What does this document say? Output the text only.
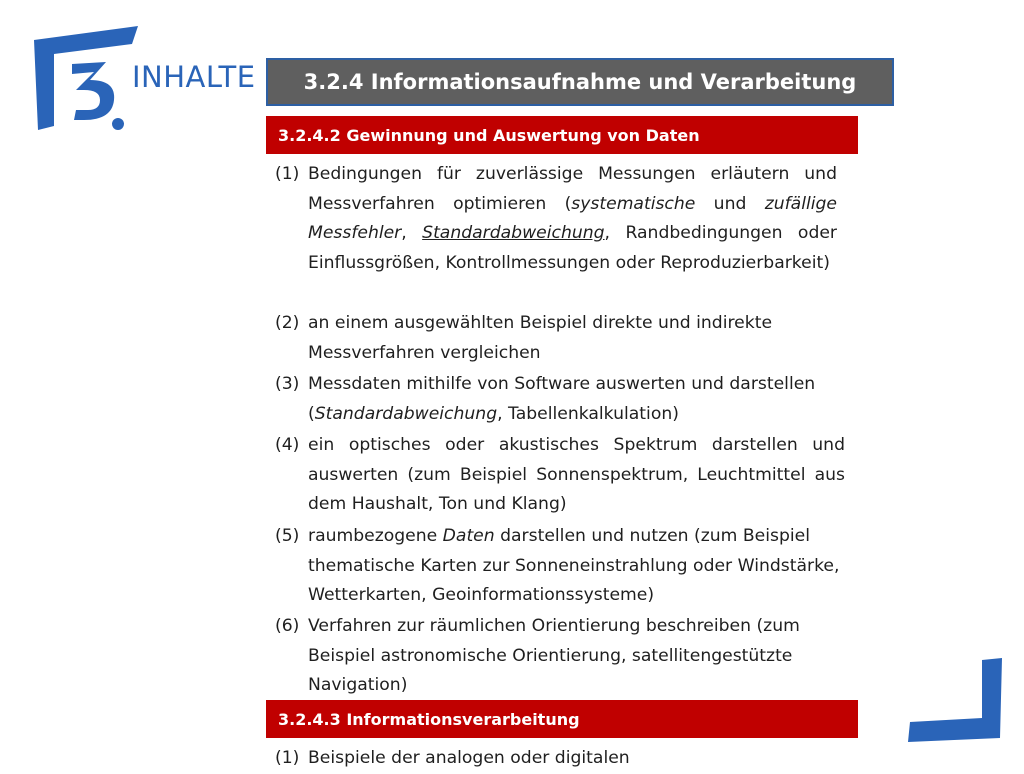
INHALTE 3.2.4 Informationsaufnahme und Verarbeitung
3.2.4.2 Gewinnung und Auswertung von Daten
(1) Bedingungen für zuverlässige Messungen erläutern und Messverfahren optimieren (systematische und zufällige Messfehler, Standardabweichung, Randbedingungen oder Einflussgrößen, Kontrollmessungen oder Reproduzierbarkeit)
(2) an einem ausgewählten Beispiel direkte und indirekte Messverfahren vergleichen
(3) Messdaten mithilfe von Software auswerten und darstellen (Standardabweichung, Tabellenkalkulation)
(4) ein optisches oder akustisches Spektrum darstellen und auswerten (zum Beispiel Sonnenspektrum, Leuchtmittel aus dem Haushalt, Ton und Klang)
(5) raumbezogene Daten darstellen und nutzen (zum Beispiel thematische Karten zur Sonneneinstrahlung oder Windstärke, Wetterkarten, Geoinformationssysteme)
(6) Verfahren zur räumlichen Orientierung beschreiben (zum Beispiel astronomische Orientierung, satellitengestützte Navigation)
3.2.4.3 Informationsverarbeitung
(1) Beispiele der analogen oder digitalen
